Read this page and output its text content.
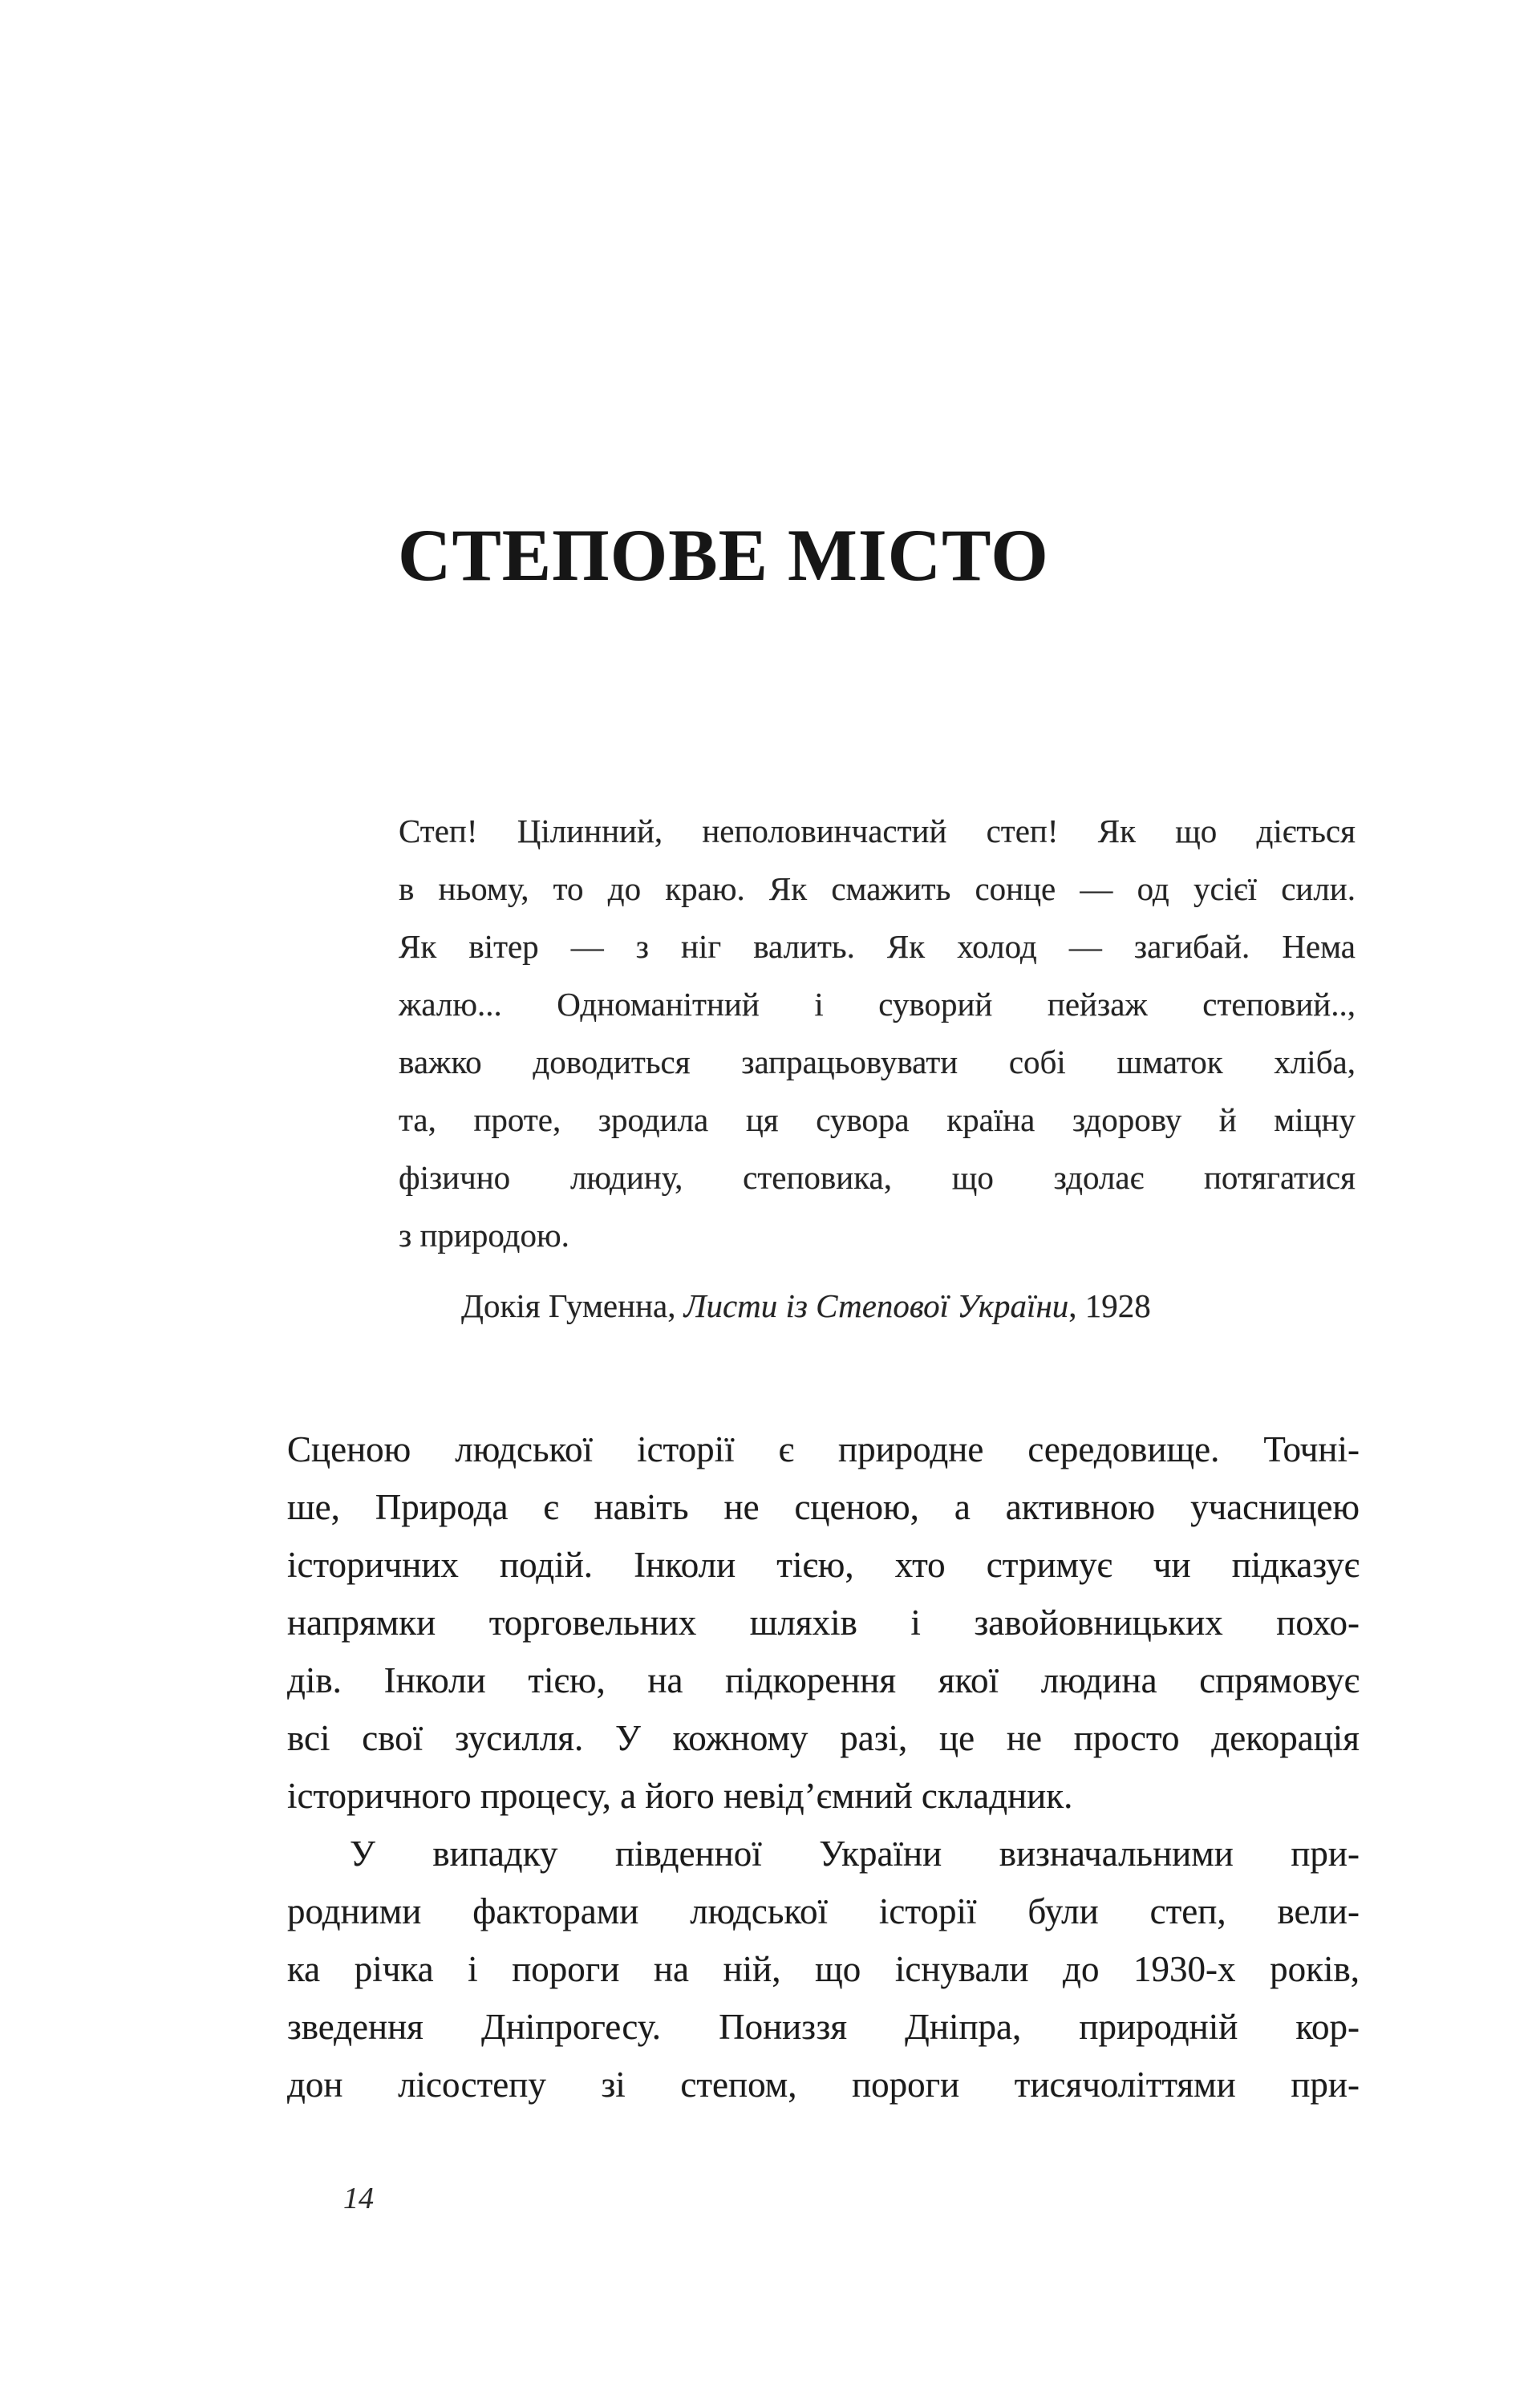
СТЕПОВЕ МІСТО
Степ! Цілинний, неполовинчастий степ! Як що діється
в ньому, то до краю. Як смажить сонце — од усієї сили.
Як вітер — з ніг валить. Як холод — загибай. Нема
жалю... Одноманітний і суворий пейзаж степовий..,
важко доводиться запрацьовувати собі шматок хліба,
та, проте, зродила ця сувора країна здорову й міцну
фізично людину, степовика, що здолає потягатися
з природою.
Докія Гуменна, Листи із Степової України, 1928
Сценою людської історії є природне середовище. Точні-
ше, Природа є навіть не сценою, а активною учасницею
історичних подій. Інколи тією, хто стримує чи підказує
напрямки торговельних шляхів і завойовницьких похо-
дів. Інколи тією, на підкорення якої людина спрямовує
всі свої зусилля. У кожному разі, це не просто декорація
історичного процесу, а його невід’ємний складник.
У випадку південної України визначальними при-
родними факторами людської історії були степ, вели-
ка річка і пороги на ній, що існували до 1930-х років,
зведення Дніпрогесу. Пониззя Дніпра, природній кор-
дон лісостепу зі степом, пороги тисячоліттями при-
14
